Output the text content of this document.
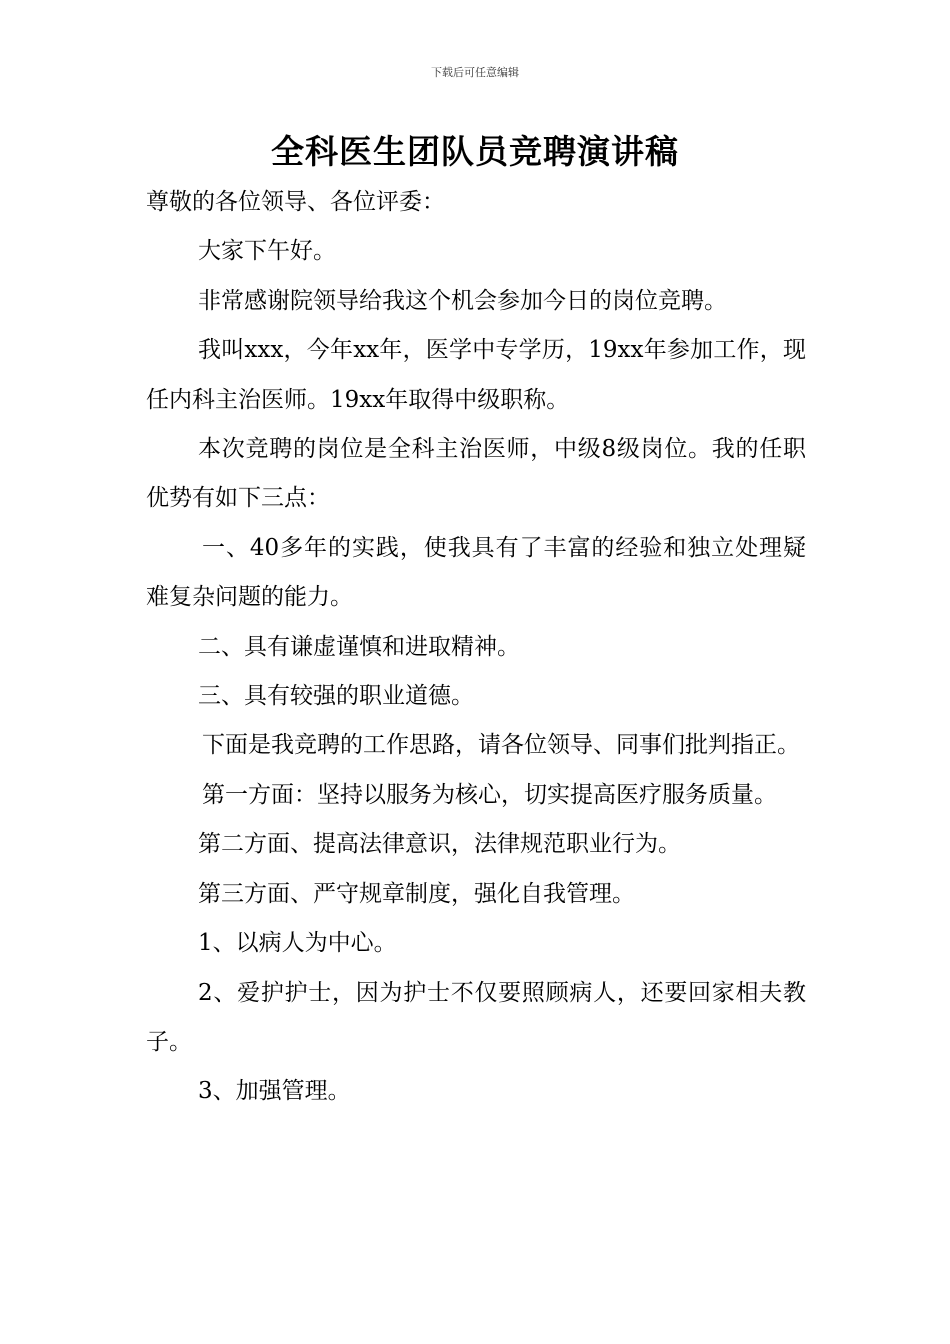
下载后可任意编辑
全科医生团队员竞聘演讲稿

尊敬的各位领导、各位评委：

大家下午好。

非常感谢院领导给我这个机会参加今日的岗位竞聘。

我叫xxx，今年xx年，医学中专学历，19xx年参加工作，现任内科主治医师。19xx年取得中级职称。

本次竞聘的岗位是全科主治医师，中级8级岗位。我的任职优势有如下三点：

一、40多年的实践，使我具有了丰富的经验和独立处理疑难复杂问题的能力。

二、具有谦虚谨慎和进取精神。

三、具有较强的职业道德。

下面是我竞聘的工作思路，请各位领导、同事们批判指正。

第一方面：坚持以服务为核心，切实提高医疗服务质量。

第二方面、提高法律意识，法律规范职业行为。

第三方面、严守规章制度，强化自我管理。

1、以病人为中心。

2、爱护护士，因为护士不仅要照顾病人，还要回家相夫教子。

3、加强管理。
